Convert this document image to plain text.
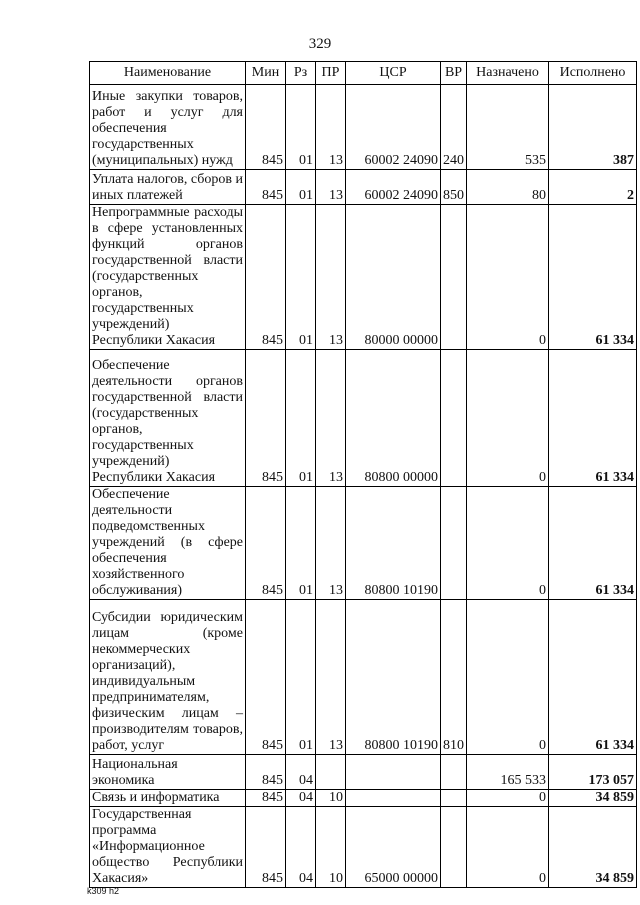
329
Наименование	Мин	Рз	ПР	ЦСР	ВР	Назначено	Исполнено
Иные закупки товаров, работ и услуг для обеспечения государственных (муниципальных) нужд	845	01	13	60002 24090	240	535	387
Уплата налогов, сборов и иных платежей	845	01	13	60002 24090	850	80	2
Непрограммные расходы в сфере установленных функций органов государственной власти (государственных органов, государственных учреждений) Республики Хакасия	845	01	13	80000 00000		0	61 334
Обеспечение деятельности органов государственной власти (государственных органов, государственных учреждений) Республики Хакасия	845	01	13	80800 00000		0	61 334
Обеспечение деятельности подведомственных учреждений (в сфере обеспечения хозяйственного обслуживания)	845	01	13	80800 10190		0	61 334
Субсидии юридическим лицам (кроме некоммерческих организаций), индивидуальным предпринимателям, физическим лицам – производителям товаров, работ, услуг	845	01	13	80800 10190	810	0	61 334
Национальная экономика	845	04				165 533	173 057
Связь и информатика	845	04	10			0	34 859
Государственная программа «Информационное общество Республики Хакасия»	845	04	10	65000 00000		0	34 859
k309 h2
